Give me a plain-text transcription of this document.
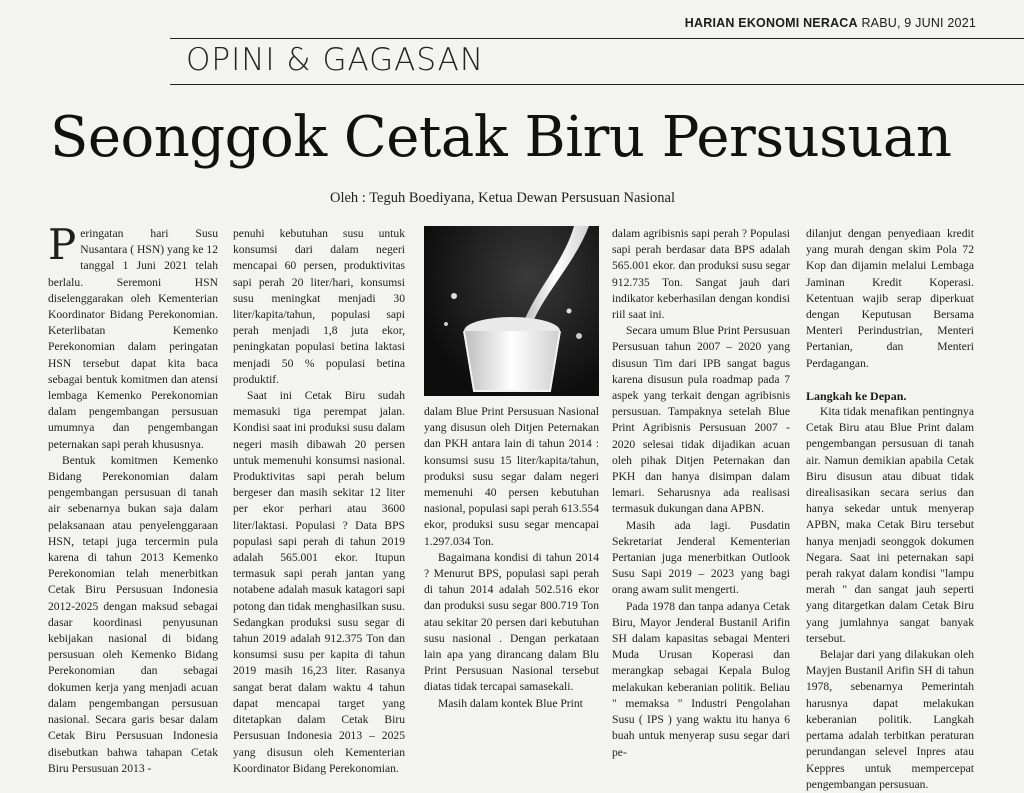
HARIAN EKONOMI NERACA RABU, 9 JUNI 2021
OPINI & GAGASAN
Seonggok Cetak Biru Persusuan
Oleh : Teguh Boediyana, Ketua Dewan Persusuan Nasional

Peringatan hari Susu Nusantara ( HSN) yang ke 12 tanggal 1 Juni 2021 telah berlalu. Seremoni HSN diselenggarakan oleh Kementerian Koordinator Bidang Perekonomian. Keterlibatan Kemenko Perekonomian dalam peringatan HSN tersebut dapat kita baca sebagai bentuk komitmen dan atensi lembaga Kemenko Perekonomian dalam pengembangan persusuan umumnya dan pengembangan peternakan sapi perah khususnya.

Bentuk komitmen Kemenko Bidang Perekonomian dalam pengembangan persusuan di tanah air sebenarnya bukan saja dalam pelaksanaan atau penyelenggaraan HSN, tetapi juga tercermin pula karena di tahun 2013 Kemenko Perekonomian telah menerbitkan Cetak Biru Persusuan Indonesia 2012-2025 dengan maksud sebagai dasar koordinasi penyusunan kebijakan nasional di bidang persusuan oleh Kemenko Bidang Perekonomian dan sebagai dokumen kerja yang menjadi acuan dalam pengembangan persusuan nasional. Secara garis besar dalam Cetak Biru Persusuan Indonesia disebutkan bahwa tahapan Cetak Biru Persusuan 2013 -

penuhi kebutuhan susu untuk konsumsi dari dalam negeri mencapai 60 persen, produktivitas sapi perah 20 liter/hari, konsumsi susu meningkat menjadi 30 liter/kapita/tahun, populasi sapi perah menjadi 1,8 juta ekor, peningkatan populasi betina laktasi menjadi 50 % populasi betina produktif.

Saat ini Cetak Biru sudah memasuki tiga perempat jalan. Kondisi saat ini produksi susu dalam negeri masih dibawah 20 persen untuk memenuhi konsumsi nasional. Produktivitas sapi perah belum bergeser dan masih sekitar 12 liter per ekor perhari atau 3600 liter/laktasi. Populasi ? Data BPS populasi sapi perah di tahun 2019 adalah 565.001 ekor. Itupun termasuk sapi perah jantan yang notabene adalah masuk katagori sapi potong dan tidak menghasilkan susu. Sedangkan produksi susu segar di tahun 2019 adalah 912.375 Ton dan konsumsi susu per kapita di tahun 2019 masih 16,23 liter. Rasanya sangat berat dalam waktu 4 tahun dapat mencapai target yang ditetapkan dalam Cetak Biru Persusuan Indonesia 2013 – 2025 yang disusun oleh Kementerian Koordinator Bidang Perekonomian.

dalam Blue Print Persusuan Nasional yang disusun oleh Ditjen Peternakan dan PKH antara lain di tahun 2014 : konsumsi susu 15 liter/kapita/tahun, produksi susu segar dalam negeri memenuhi 40 persen kebutuhan nasional, populasi sapi perah 613.554 ekor, produksi susu segar mencapai 1.297.034 Ton.

Bagaimana kondisi di tahun 2014 ? Menurut BPS, populasi sapi perah di tahun 2014 adalah 502.516 ekor dan produksi susu segar 800.719 Ton atau sekitar 20 persen dari kebutuhan susu nasional . Dengan perkataan lain apa yang dirancang dalam Blu Print Persusuan Nasional tersebut diatas tidak tercapai samasekali.

Masih dalam kontek Blue Print

dalam agribisnis sapi perah ? Populasi sapi perah berdasar data BPS adalah 565.001 ekor. dan produksi susu segar 912.735 Ton. Sangat jauh dari indikator keberhasilan dengan kondisi riil saat ini.

Secara umum Blue Print Persusuan Persusuan tahun 2007 – 2020 yang disusun Tim dari IPB sangat bagus karena disusun pula roadmap pada 7 aspek yang terkait dengan agribisnis persusuan. Tampaknya setelah Blue Print Agribisnis Persusuan 2007 - 2020 selesai tidak dijadikan acuan oleh pihak Ditjen Peternakan dan PKH dan hanya disimpan dalam lemari. Seharusnya ada realisasi termasuk dukungan dana APBN.

Masih ada lagi. Pusdatin Sekretariat Jenderal Kementerian Pertanian juga menerbitkan Outlook Susu Sapi 2019 – 2023 yang bagi orang awam sulit mengerti.

Pada 1978 dan tanpa adanya Cetak Biru, Mayor Jenderal Bustanil Arifin SH dalam kapasitas sebagai Menteri Muda Urusan Koperasi dan merangkap sebagai Kepala Bulog melakukan keberanian politik. Beliau " memaksa " Industri Pengolahan Susu ( IPS ) yang waktu itu hanya 6 buah untuk menyerap susu segar dari pe-

dilanjut dengan penyediaan kredit yang murah dengan skim Pola 72 Kop dan dijamin melalui Lembaga Jaminan Kredit Koperasi. Ketentuan wajib serap diperkuat dengan Keputusan Bersama Menteri Perindustrian, Menteri Pertanian, dan Menteri Perdagangan.

Langkah ke Depan.

Kita tidak menafikan pentingnya Cetak Biru atau Blue Print dalam pengembangan persusuan di tanah air. Namun demikian apabila Cetak Biru disusun atau dibuat tidak direalisasikan secara serius dan hanya sekedar untuk menyerap APBN, maka Cetak Biru tersebut hanya menjadi seonggok dokumen Negara. Saat ini peternakan sapi perah rakyat dalam kondisi "lampu merah " dan sangat jauh seperti yang ditargetkan dalam Cetak Biru yang jumlahnya sangat banyak tersebut.

Belajar dari yang dilakukan oleh Mayjen Bustanil Arifin SH di tahun 1978, sebenarnya Pemerintah harusnya dapat melakukan keberanian politik. Langkah pertama adalah terbitkan peraturan perundangan selevel Inpres atau Keppres untuk mempercepat pengembangan persusuan.
